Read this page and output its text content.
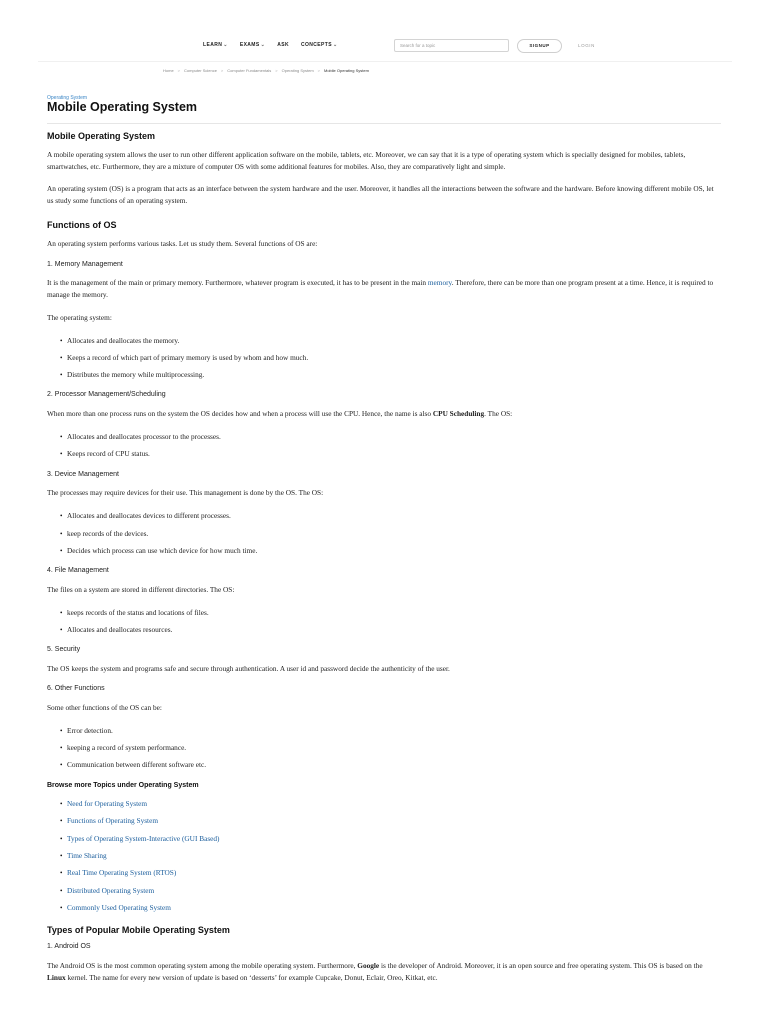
LEARN ⌄ EXAMS ⌄ ASK CONCEPTS ⌄	Search for a topic	SIGNUP	LOGIN
Home > Computer Science > Computer Fundamentals > Operating System > Mobile Operating System
Operating System
Mobile Operating System
Mobile Operating System
A mobile operating system allows the user to run other different application software on the mobile, tablets, etc. Moreover, we can say that it is a type of operating system which is specially designed for mobiles, tablets, smartwatches, etc. Furthermore, they are a mixture of computer OS with some additional features for mobiles. Also, they are comparatively light and simple.
An operating system (OS) is a program that acts as an interface between the system hardware and the user. Moreover, it handles all the interactions between the software and the hardware. Before knowing different mobile OS, let us study some functions of an operating system.
Functions of OS
An operating system performs various tasks. Let us study them. Several functions of OS are:
1. Memory Management
It is the management of the main or primary memory. Furthermore, whatever program is executed, it has to be present in the main memory. Therefore, there can be more than one program present at a time. Hence, it is required to manage the memory.
The operating system:
• Allocates and deallocates the memory.
• Keeps a record of which part of primary memory is used by whom and how much.
• Distributes the memory while multiprocessing.
2. Processor Management/Scheduling
When more than one process runs on the system the OS decides how and when a process will use the CPU. Hence, the name is also CPU Scheduling. The OS:
• Allocates and deallocates processor to the processes.
• Keeps record of CPU status.
3. Device Management
The processes may require devices for their use. This management is done by the OS. The OS:
• Allocates and deallocates devices to different processes.
• keep records of the devices.
• Decides which process can use which device for how much time.
4. File Management
The files on a system are stored in different directories. The OS:
• keeps records of the status and locations of files.
• Allocates and deallocates resources.
5. Security
The OS keeps the system and programs safe and secure through authentication. A user id and password decide the authenticity of the user.
6. Other Functions
Some other functions of the OS can be:
• Error detection.
• keeping a record of system performance.
• Communication between different software etc.
Browse more Topics under Operating System
• Need for Operating System
• Functions of Operating System
• Types of Operating System-Interactive (GUI Based)
• Time Sharing
• Real Time Operating System (RTOS)
• Distributed Operating System
• Commonly Used Operating System
Types of Popular Mobile Operating System
1. Android OS
The Android OS is the most common operating system among the mobile operating system. Furthermore, Google is the developer of Android. Moreover, it is an open source and free operating system. This OS is based on the Linux kernel. The name for every new version of update is based on ‘desserts’ for example Cupcake, Donut, Eclair, Oreo, Kitkat, etc.
